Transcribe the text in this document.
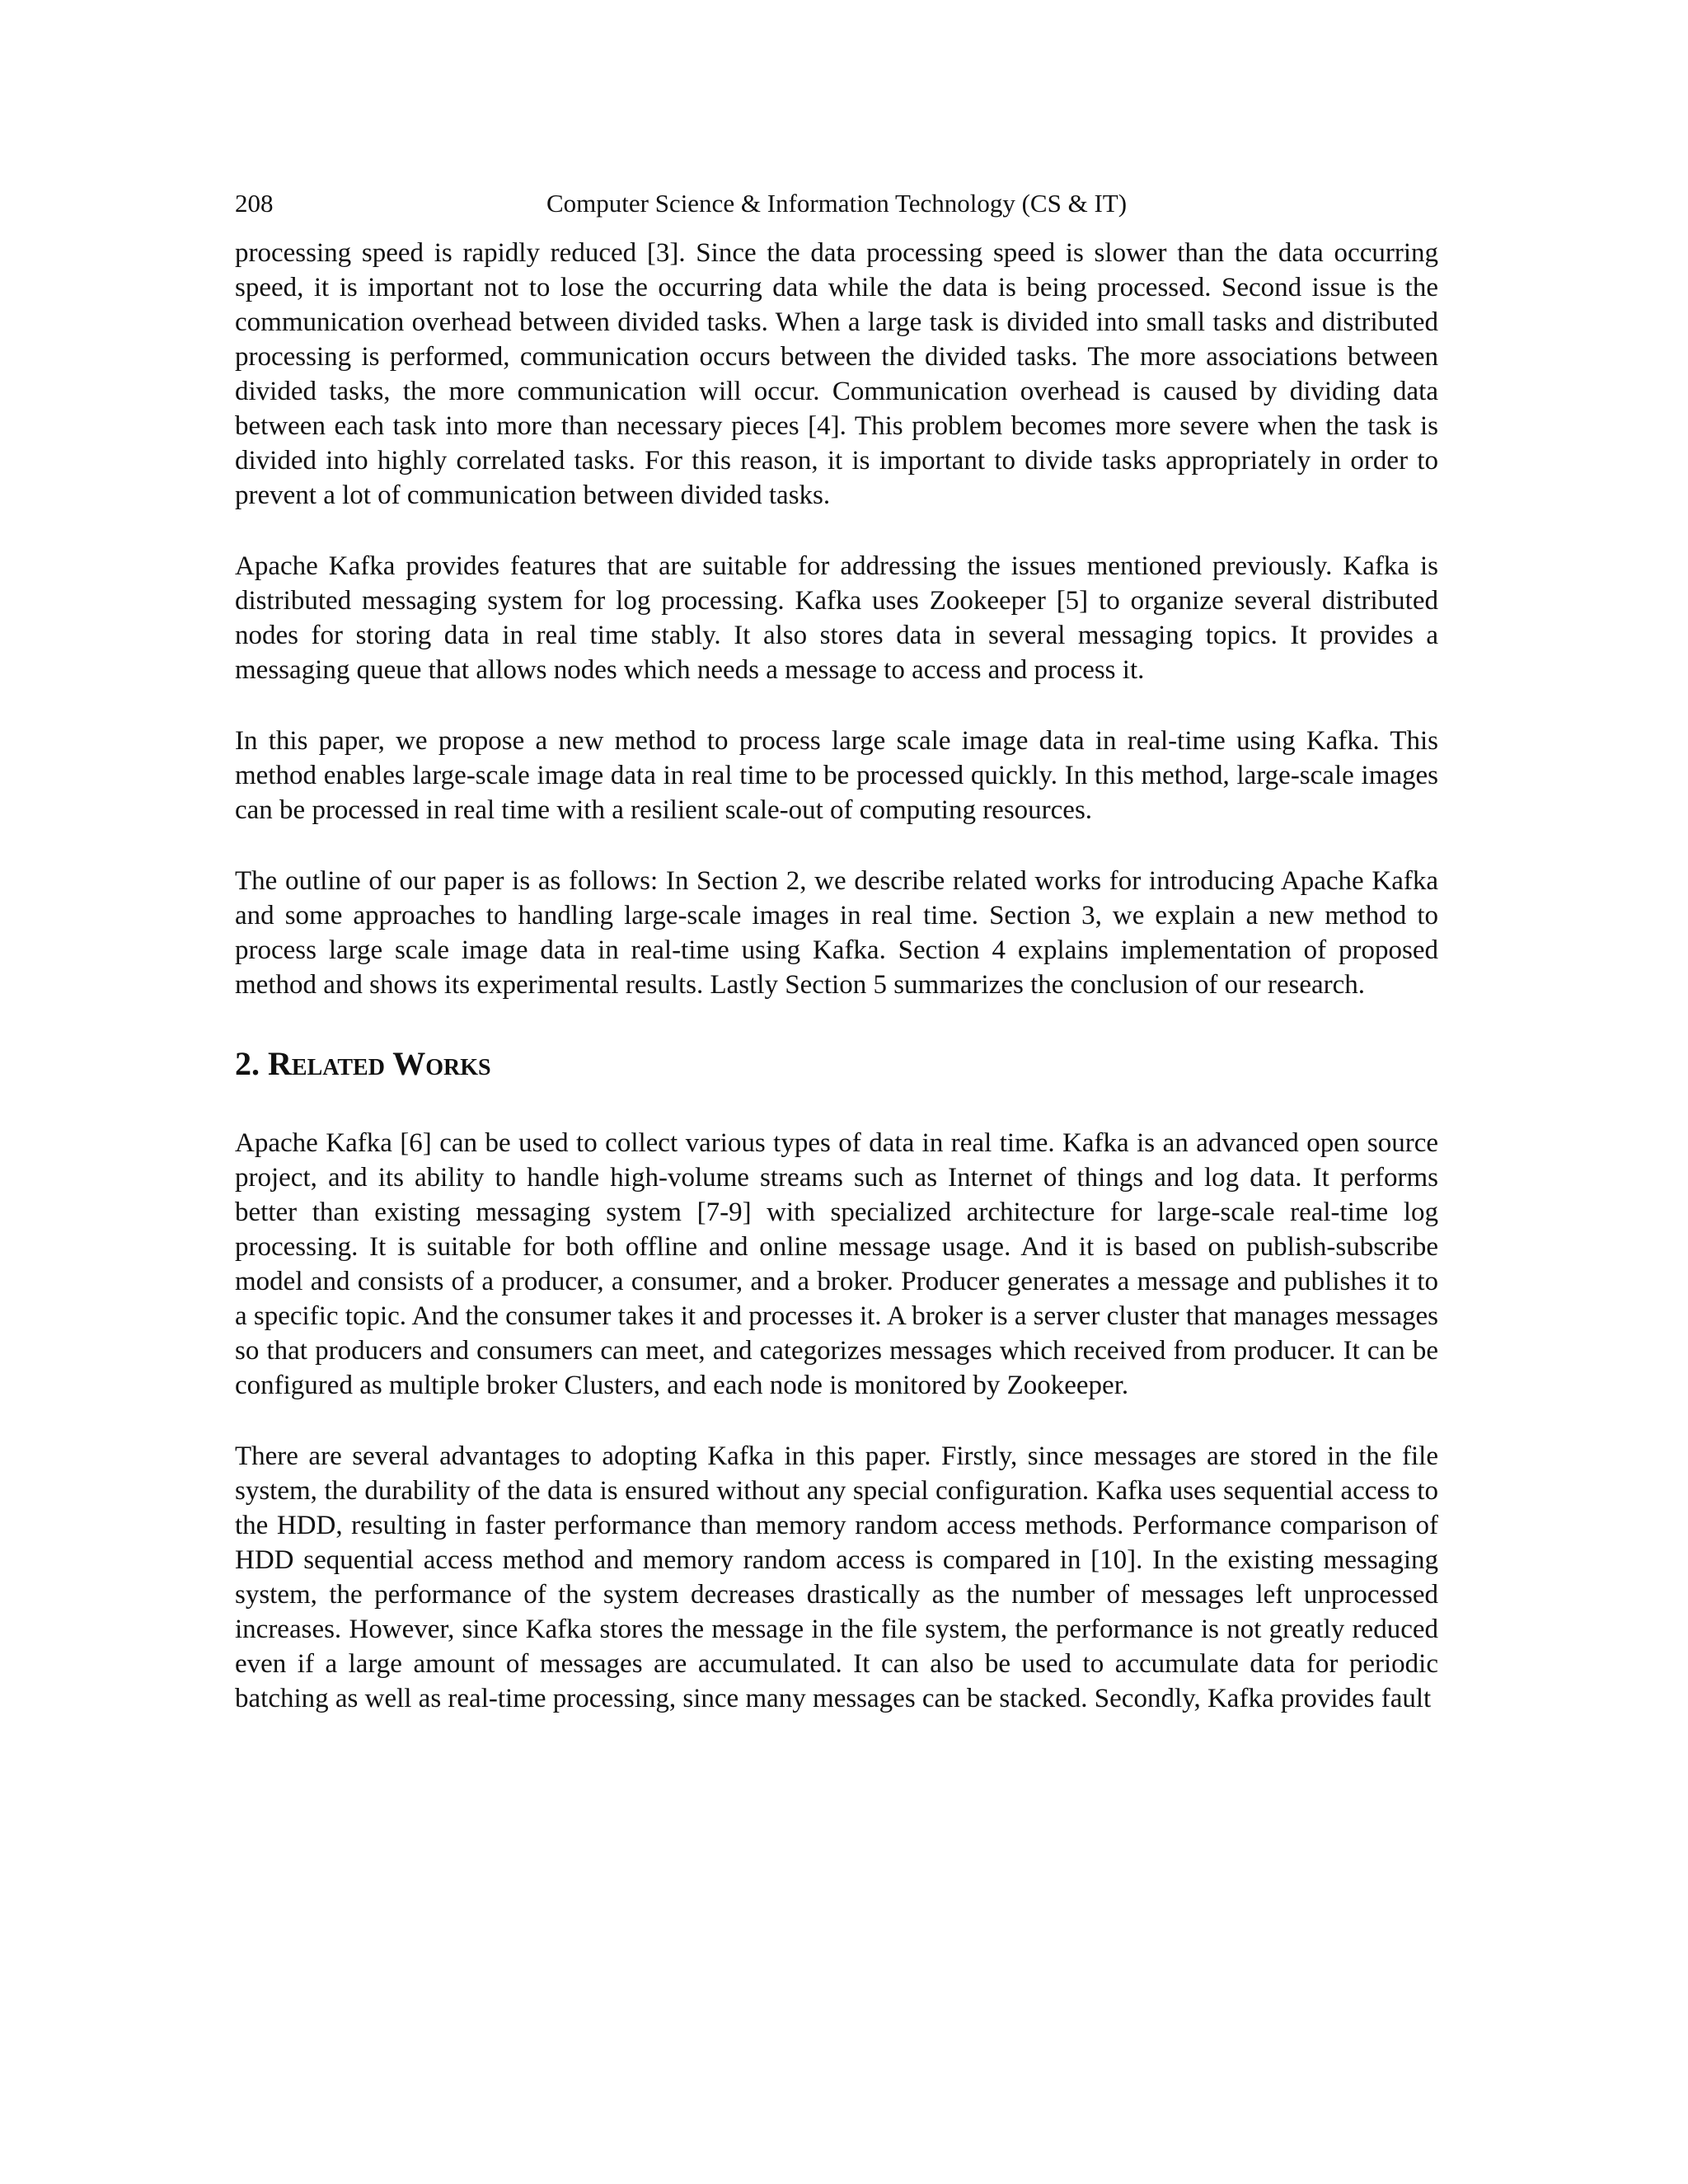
208	Computer Science & Information Technology (CS & IT)

processing speed is rapidly reduced [3]. Since the data processing speed is slower than the data occurring speed, it is important not to lose the occurring data while the data is being processed. Second issue is the communication overhead between divided tasks. When a large task is divided into small tasks and distributed processing is performed, communication occurs between the divided tasks. The more associations between divided tasks, the more communication will occur. Communication overhead is caused by dividing data between each task into more than necessary pieces [4]. This problem becomes more severe when the task is divided into highly correlated tasks. For this reason, it is important to divide tasks appropriately in order to prevent a lot of communication between divided tasks.

Apache Kafka provides features that are suitable for addressing the issues mentioned previously. Kafka is distributed messaging system for log processing. Kafka uses Zookeeper [5] to organize several distributed nodes for storing data in real time stably. It also stores data in several messaging topics. It provides a messaging queue that allows nodes which needs a message to access and process it.

In this paper, we propose a new method to process large scale image data in real-time using Kafka. This method enables large-scale image data in real time to be processed quickly. In this method, large-scale images can be processed in real time with a resilient scale-out of computing resources.

The outline of our paper is as follows: In Section 2, we describe related works for introducing Apache Kafka and some approaches to handling large-scale images in real time. Section 3, we explain a new method to process large scale image data in real-time using Kafka. Section 4 explains implementation of proposed method and shows its experimental results. Lastly Section 5 summarizes the conclusion of our research.

2. Related Works

Apache Kafka [6] can be used to collect various types of data in real time. Kafka is an advanced open source project, and its ability to handle high-volume streams such as Internet of things and log data. It performs better than existing messaging system [7-9] with specialized architecture for large-scale real-time log processing. It is suitable for both offline and online message usage. And it is based on publish-subscribe model and consists of a producer, a consumer, and a broker. Producer generates a message and publishes it to a specific topic. And the consumer takes it and processes it. A broker is a server cluster that manages messages so that producers and consumers can meet, and categorizes messages which received from producer. It can be configured as multiple broker Clusters, and each node is monitored by Zookeeper.

There are several advantages to adopting Kafka in this paper. Firstly, since messages are stored in the file system, the durability of the data is ensured without any special configuration. Kafka uses sequential access to the HDD, resulting in faster performance than memory random access methods. Performance comparison of HDD sequential access method and memory random access is compared in [10]. In the existing messaging system, the performance of the system decreases drastically as the number of messages left unprocessed increases. However, since Kafka stores the message in the file system, the performance is not greatly reduced even if a large amount of messages are accumulated. It can also be used to accumulate data for periodic batching as well as real-time processing, since many messages can be stacked. Secondly, Kafka provides fault
